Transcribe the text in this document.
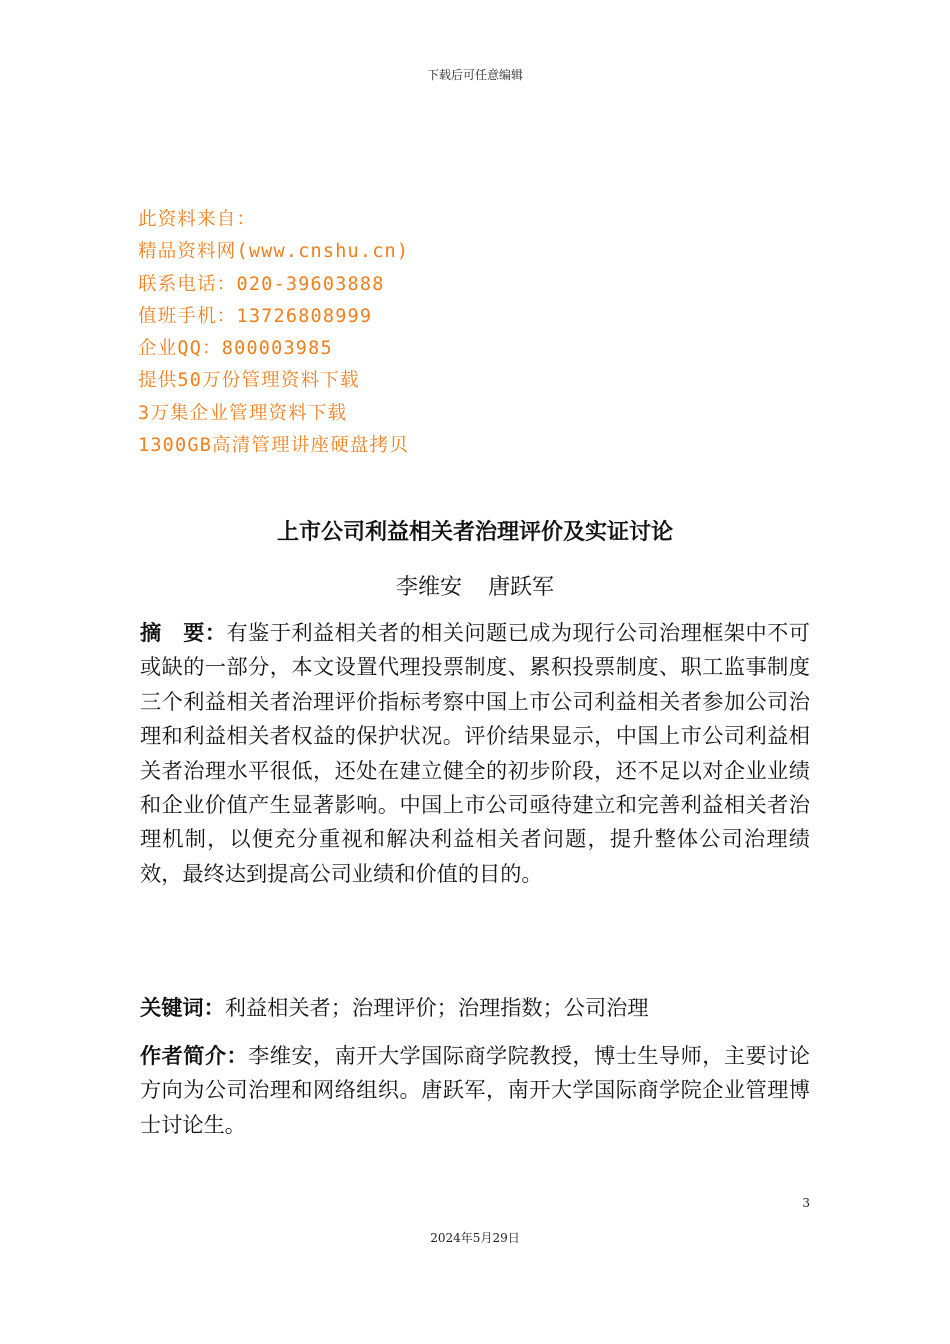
下载后可任意编辑
此资料来自：
精品资料网(www.cnshu.cn)
联系电话：020-39603888
值班手机：13726808999
企业QQ：800003985
提供50万份管理资料下载
3万集企业管理资料下载
1300GB高清管理讲座硬盘拷贝
上市公司利益相关者治理评价及实证讨论
李维安 唐跃军
摘　要：有鉴于利益相关者的相关问题已成为现行公司治理框架中不可或缺的一部分，本文设置代理投票制度、累积投票制度、职工监事制度三个利益相关者治理评价指标考察中国上市公司利益相关者参加公司治理和利益相关者权益的保护状况。评价结果显示，中国上市公司利益相关者治理水平很低，还处在建立健全的初步阶段，还不足以对企业业绩和企业价值产生显著影响。中国上市公司亟待建立和完善利益相关者治理机制，以便充分重视和解决利益相关者问题，提升整体公司治理绩效，最终达到提高公司业绩和价值的目的。
关键词：利益相关者；治理评价；治理指数；公司治理
作者简介：李维安，南开大学国际商学院教授，博士生导师，主要讨论方向为公司治理和网络组织。唐跃军，南开大学国际商学院企业管理博士讨论生。
3
2024年5月29日
